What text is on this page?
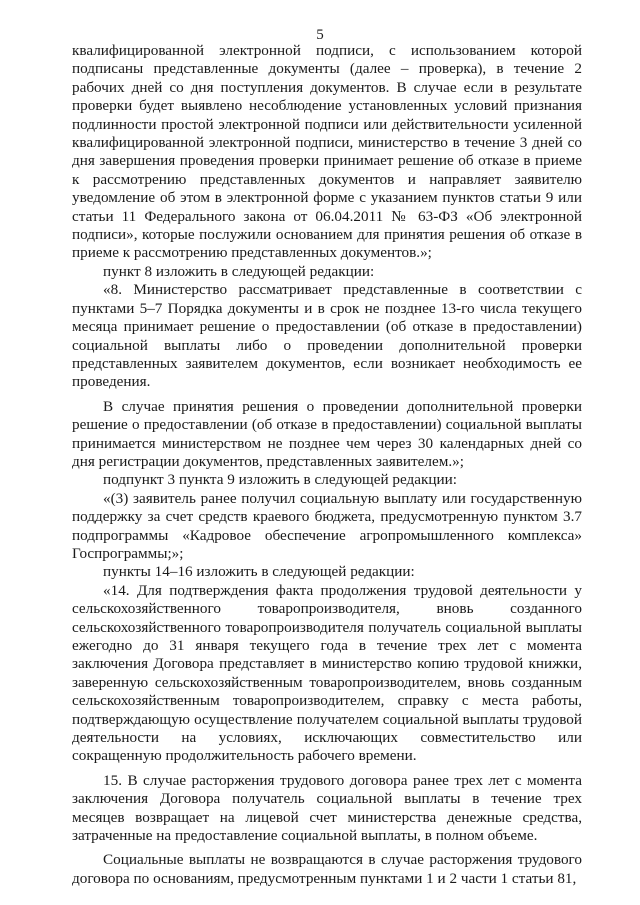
5

квалифицированной электронной подписи, с использованием которой подписаны представленные документы (далее – проверка), в течение 2 рабочих дней со дня поступления документов. В случае если в результате проверки будет выявлено несоблюдение установленных условий признания подлинности простой электронной подписи или действительности усиленной квалифицированной электронной подписи, министерство в течение 3 дней со дня завершения проведения проверки принимает решение об отказе в приеме к рассмотрению представленных документов и направляет заявителю уведомление об этом в электронной форме с указанием пунктов статьи 9 или статьи 11 Федерального закона от 06.04.2011 № 63-ФЗ «Об электронной подписи», которые послужили основанием для принятия решения об отказе в приеме к рассмотрению представленных документов.»;

пункт 8 изложить в следующей редакции:

«8. Министерство рассматривает представленные в соответствии с пунктами 5–7 Порядка документы и в срок не позднее 13-го числа текущего месяца принимает решение о предоставлении (об отказе в предоставлении) социальной выплаты либо о проведении дополнительной проверки представленных заявителем документов, если возникает необходимость ее проведения.

В случае принятия решения о проведении дополнительной проверки решение о предоставлении (об отказе в предоставлении) социальной выплаты принимается министерством не позднее чем через 30 календарных дней со дня регистрации документов, представленных заявителем.»;

подпункт 3 пункта 9 изложить в следующей редакции:

«(3) заявитель ранее получил социальную выплату или государственную поддержку за счет средств краевого бюджета, предусмотренную пунктом 3.7 подпрограммы «Кадровое обеспечение агропромышленного комплекса» Госпрограммы;»;

пункты 14–16 изложить в следующей редакции:

«14. Для подтверждения факта продолжения трудовой деятельности у сельскохозяйственного товаропроизводителя, вновь созданного сельскохозяйственного товаропроизводителя получатель социальной выплаты ежегодно до 31 января текущего года в течение трех лет с момента заключения Договора представляет в министерство копию трудовой книжки, заверенную сельскохозяйственным товаропроизводителем, вновь созданным сельскохозяйственным товаропроизводителем, справку с места работы, подтверждающую осуществление получателем социальной выплаты трудовой деятельности на условиях, исключающих совместительство или сокращенную продолжительность рабочего времени.

15. В случае расторжения трудового договора ранее трех лет с момента заключения Договора получатель социальной выплаты в течение трех месяцев возвращает на лицевой счет министерства денежные средства, затраченные на предоставление социальной выплаты, в полном объеме.

Социальные выплаты не возвращаются в случае расторжения трудового договора по основаниям, предусмотренным пунктами 1 и 2 части 1 статьи 81,
